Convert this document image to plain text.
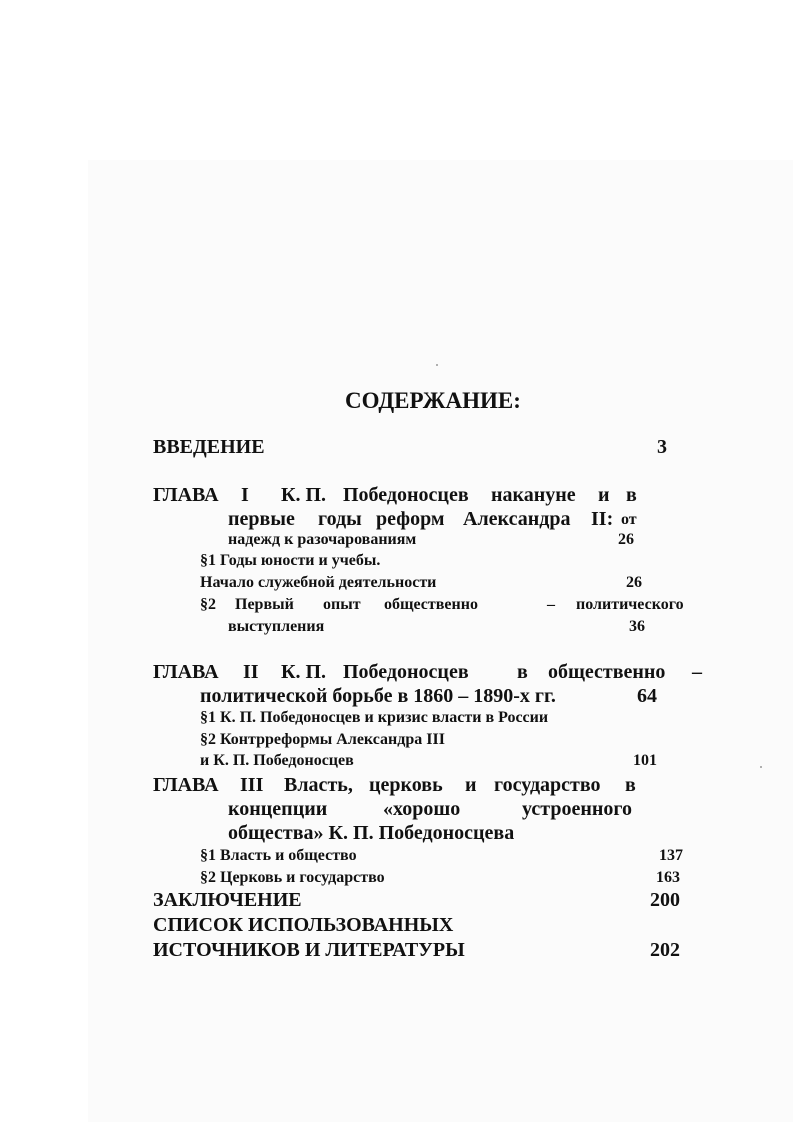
СОДЕРЖАНИЕ:
ВВЕДЕНИЕ	3
ГЛАВА I К. П. Победоносцев накануне и в
первые годы реформ Александра II: от
надежд к разочарованиям	26
§1 Годы юности и учебы.
Начало служебной деятельности	26
§2 Первый опыт общественно	– политического
выступления	36
ГЛАВА II К. П. Победоносцев в общественно –
политической борьбе в 1860 – 1890-х гг.	64
§1 К. П. Победоносцев и кризис власти в России
§2 Контрреформы Александра III
и К. П. Победоносцев	101
ГЛАВА III Власть, церковь и государство в
концепции	«хорошо	устроенного
общества» К. П. Победоносцева
§1 Власть и общество	137
§2 Церковь и государство	163
ЗАКЛЮЧЕНИЕ	200
СПИСОК ИСПОЛЬЗОВАННЫХ
ИСТОЧНИКОВ И ЛИТЕРАТУРЫ	202
